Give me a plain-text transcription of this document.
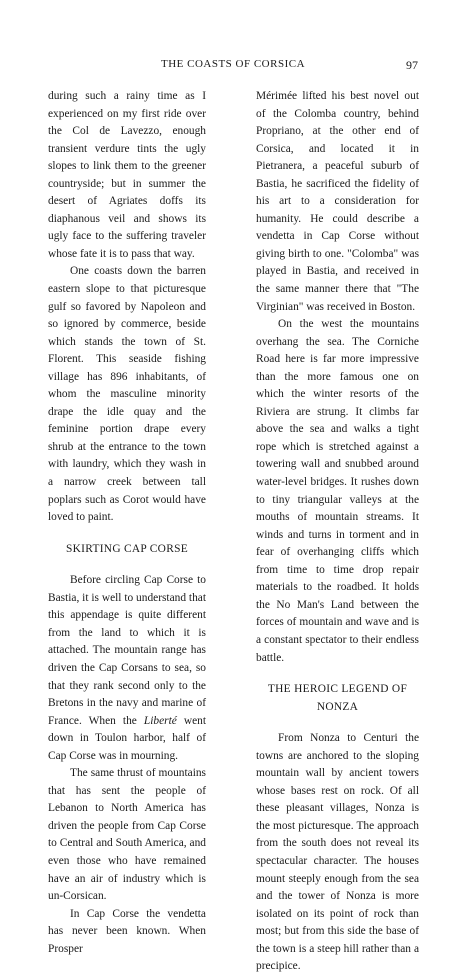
THE COASTS OF CORSICA	97

during such a rainy time as I experienced on my first ride over the Col de Lavezzo, enough transient verdure tints the ugly slopes to link them to the greener countryside; but in summer the desert of Agriates doffs its diaphanous veil and shows its ugly face to the suffering traveler whose fate it is to pass that way.

One coasts down the barren eastern slope to that picturesque gulf so favored by Napoleon and so ignored by commerce, beside which stands the town of St. Florent. This seaside fishing village has 896 inhabitants, of whom the masculine minority drape the idle quay and the feminine portion drape every shrub at the entrance to the town with laundry, which they wash in a narrow creek between tall poplars such as Corot would have loved to paint.

SKIRTING CAP CORSE

Before circling Cap Corse to Bastia, it is well to understand that this appendage is quite different from the land to which it is attached. The mountain range has driven the Cap Corsans to sea, so that they rank second only to the Bretons in the navy and marine of France. When the Liberté went down in Toulon harbor, half of Cap Corse was in mourning.

The same thrust of mountains that has sent the people of Lebanon to North America has driven the people from Cap Corse to Central and South America, and even those who have remained have an air of industry which is un-Corsican.

In Cap Corse the vendetta has never been known. When Prosper

Mérimée lifted his best novel out of the Colomba country, behind Propriano, at the other end of Corsica, and located it in Pietranera, a peaceful suburb of Bastia, he sacrificed the fidelity of his art to a consideration for humanity. He could describe a vendetta in Cap Corse without giving birth to one. "Colomba" was played in Bastia, and received in the same manner there that "The Virginian" was received in Boston.

On the west the mountains overhang the sea. The Corniche Road here is far more impressive than the more famous one on which the winter resorts of the Riviera are strung. It climbs far above the sea and walks a tight rope which is stretched against a towering wall and snubbed around water-level bridges. It rushes down to tiny triangular valleys at the mouths of mountain streams. It winds and turns in torment and in fear of overhanging cliffs which from time to time drop repair materials to the roadbed. It holds the No Man's Land between the forces of mountain and wave and is a constant spectator to their endless battle.

THE HEROIC LEGEND OF NONZA

From Nonza to Centuri the towns are anchored to the sloping mountain wall by ancient towers whose bases rest on rock. Of all these pleasant villages, Nonza is the most picturesque. The approach from the south does not reveal its spectacular character. The houses mount steeply enough from the sea and the tower of Nonza is more isolated on its point of rock than most; but from this side the base of the town is a steep hill rather than a precipice.
